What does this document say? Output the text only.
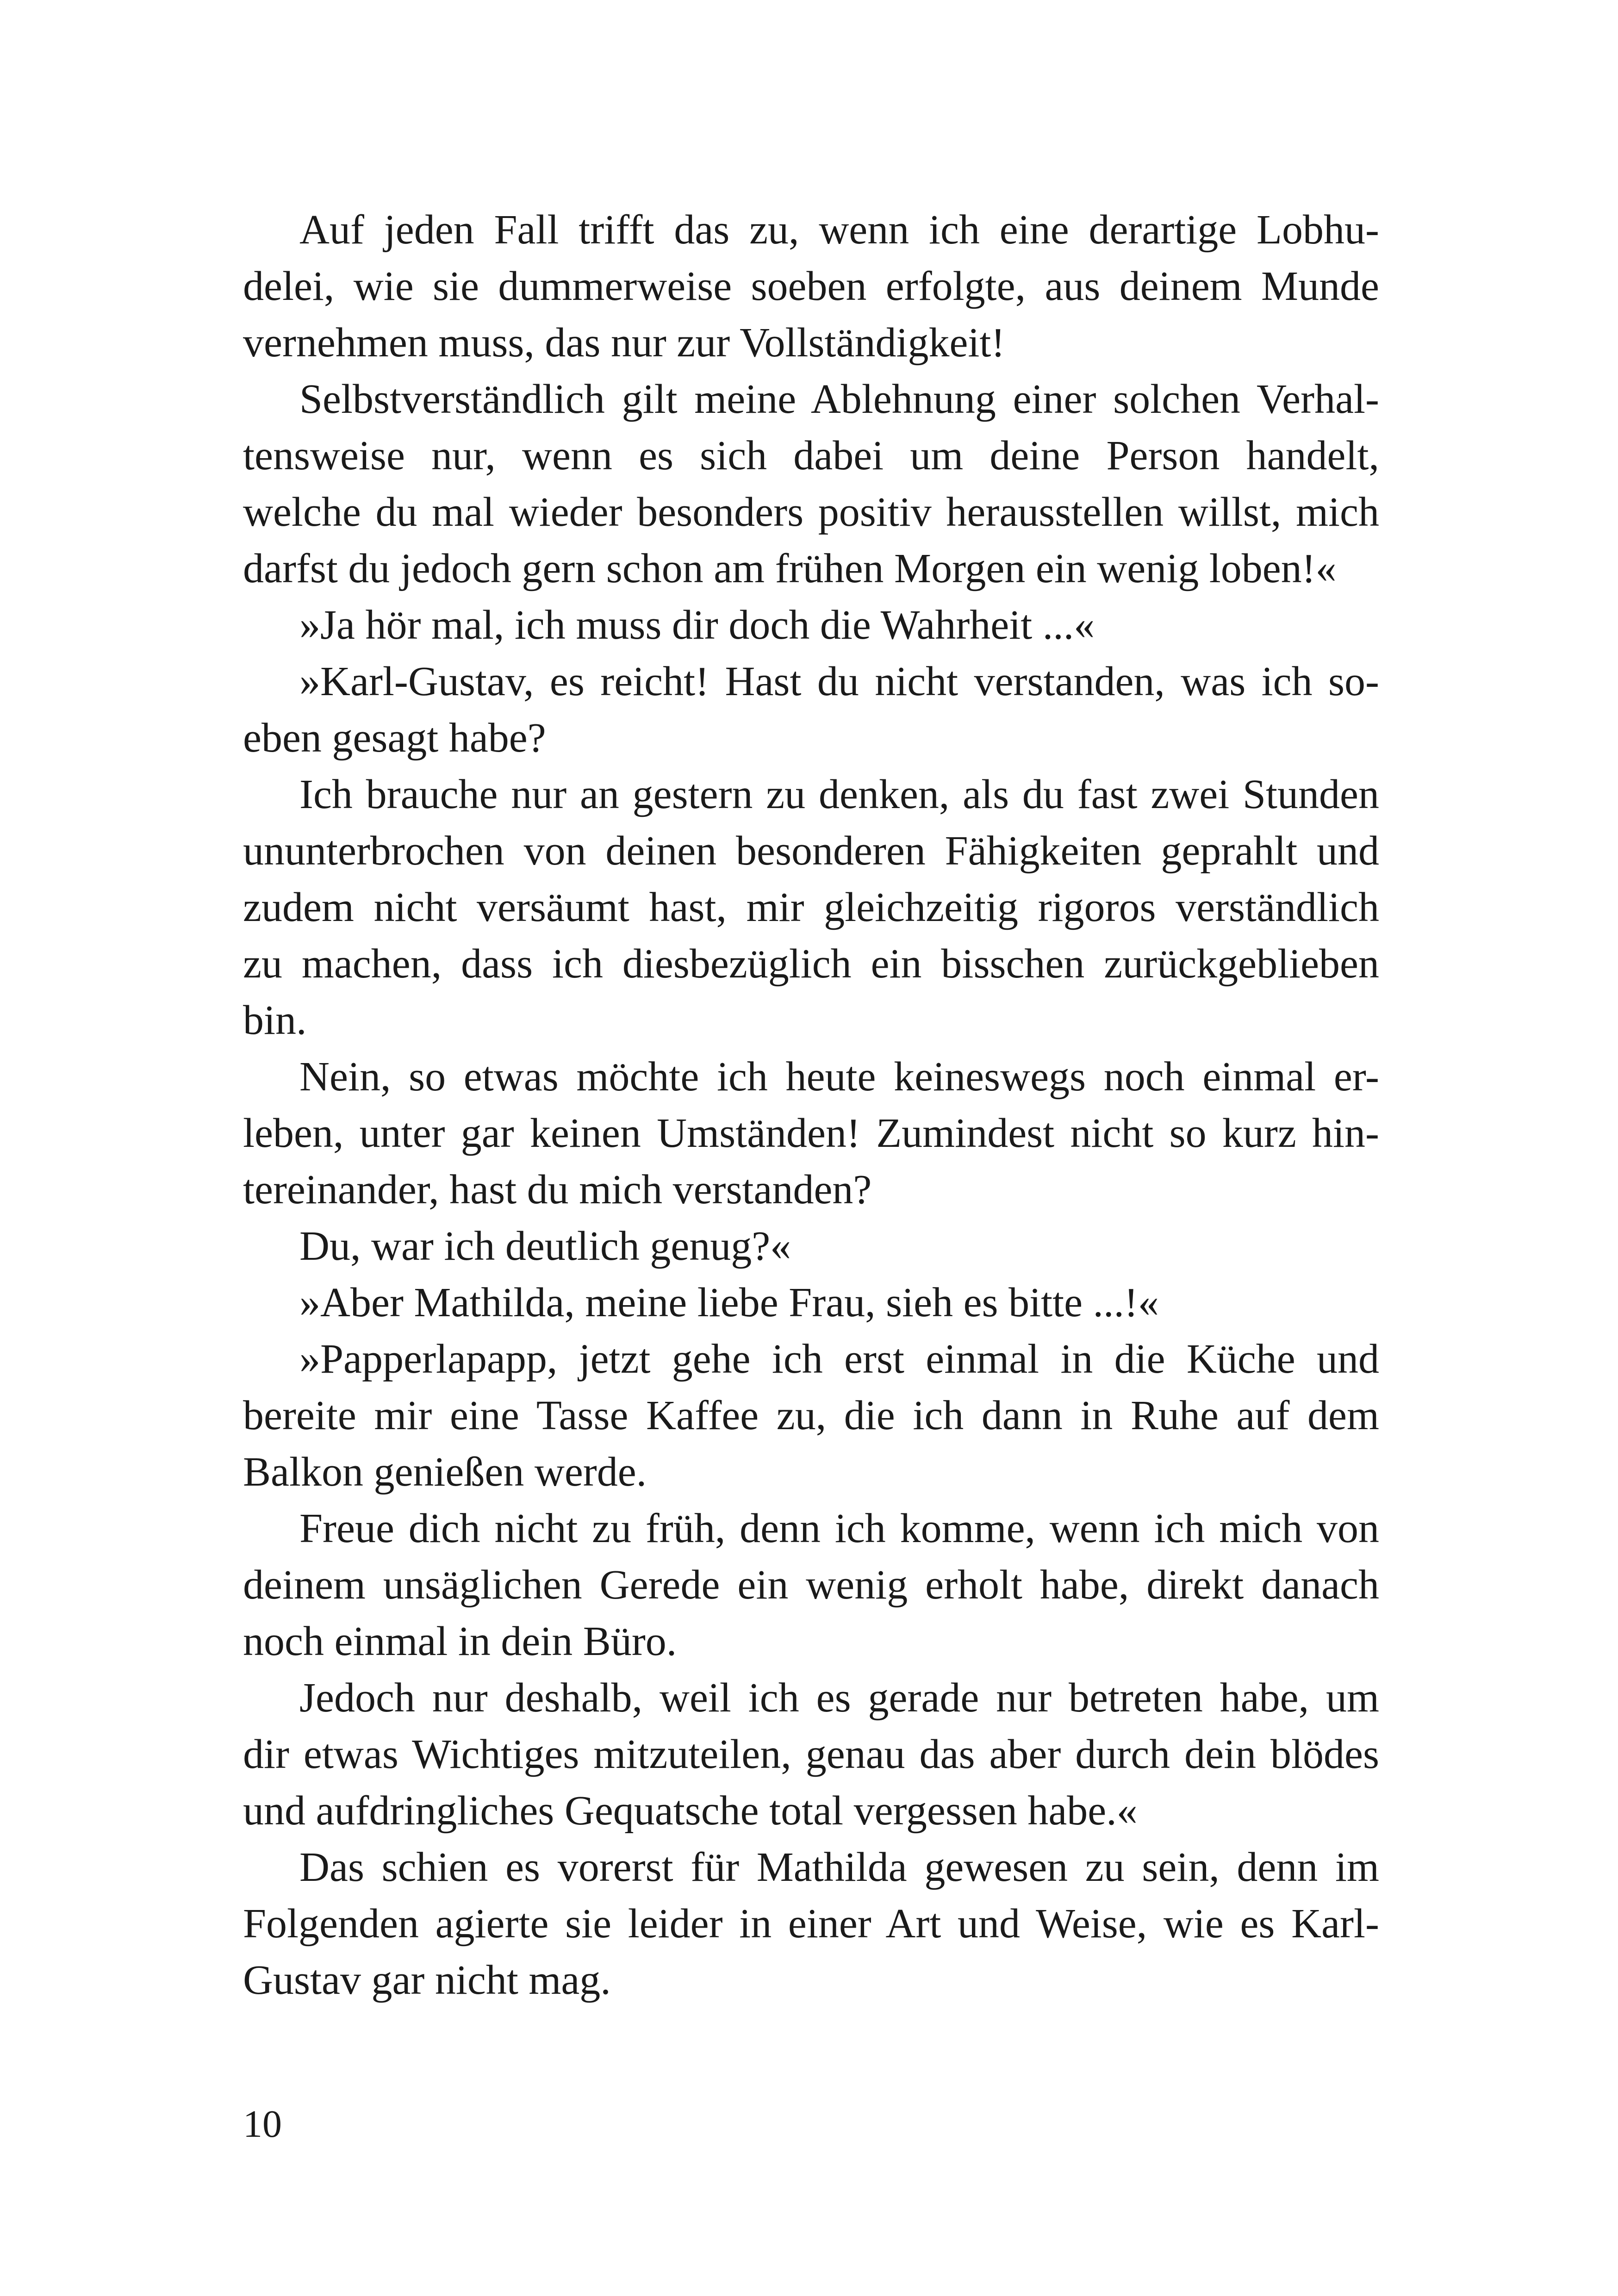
Auf jeden Fall trifft das zu, wenn ich eine derartige Lobhu-
delei, wie sie dummerweise soeben erfolgte, aus deinem Munde
vernehmen muss, das nur zur Vollständigkeit!
Selbstverständlich gilt meine Ablehnung einer solchen Verhal-
tensweise nur, wenn es sich dabei um deine Person handelt,
welche du mal wieder besonders positiv herausstellen willst, mich
darfst du jedoch gern schon am frühen Morgen ein wenig loben!«
»Ja hör mal, ich muss dir doch die Wahrheit ...«
»Karl-Gustav, es reicht! Hast du nicht verstanden, was ich so-
eben gesagt habe?
Ich brauche nur an gestern zu denken, als du fast zwei Stunden
ununterbrochen von deinen besonderen Fähigkeiten geprahlt und
zudem nicht versäumt hast, mir gleichzeitig rigoros verständlich
zu machen, dass ich diesbezüglich ein bisschen zurückgeblieben
bin.
Nein, so etwas möchte ich heute keineswegs noch einmal er-
leben, unter gar keinen Umständen! Zumindest nicht so kurz hin-
tereinander, hast du mich verstanden?
Du, war ich deutlich genug?«
»Aber Mathilda, meine liebe Frau, sieh es bitte ...!«
»Papperlapapp, jetzt gehe ich erst einmal in die Küche und
bereite mir eine Tasse Kaffee zu, die ich dann in Ruhe auf dem
Balkon genießen werde.
Freue dich nicht zu früh, denn ich komme, wenn ich mich von
deinem unsäglichen Gerede ein wenig erholt habe, direkt danach
noch einmal in dein Büro.
Jedoch nur deshalb, weil ich es gerade nur betreten habe, um
dir etwas Wichtiges mitzuteilen, genau das aber durch dein blödes
und aufdringliches Gequatsche total vergessen habe.«
Das schien es vorerst für Mathilda gewesen zu sein, denn im
Folgenden agierte sie leider in einer Art und Weise, wie es Karl-
Gustav gar nicht mag.
10
